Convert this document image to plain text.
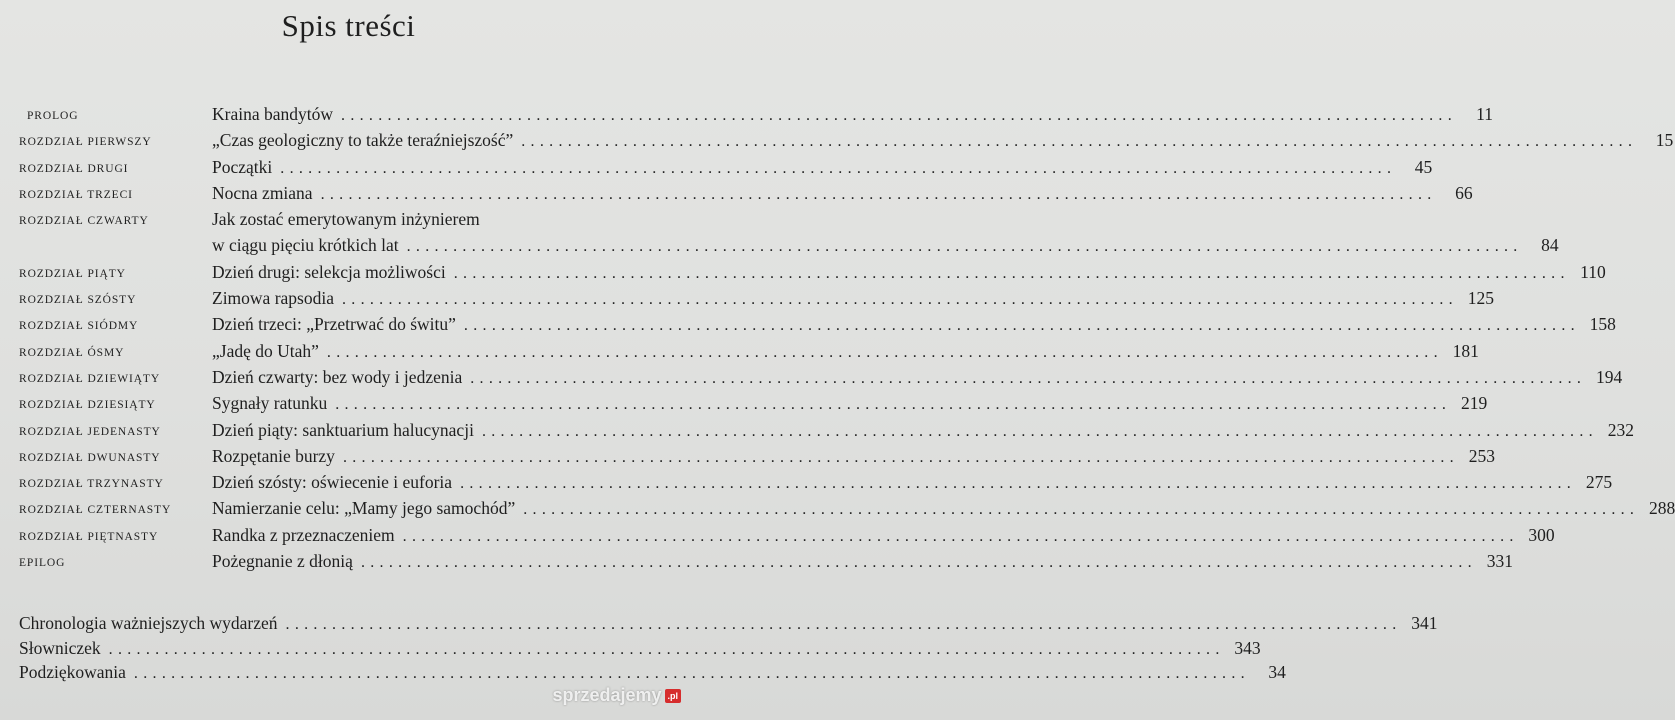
Spis treści
PROLOG	Kraina bandytów ........................................................................................................................	11
ROZDZIAŁ PIERWSZY	„Czas geologiczny to także teraźniejszość” ........................................................................................................................	15
ROZDZIAŁ DRUGI	Początki ........................................................................................................................	45
ROZDZIAŁ TRZECI	Nocna zmiana ........................................................................................................................	66
ROZDZIAŁ CZWARTY	Jak zostać emerytowanym inżynierem
w ciągu pięciu krótkich lat ........................................................................................................................	84
ROZDZIAŁ PIĄTY	Dzień drugi: selekcja możliwości ........................................................................................................................ 110
ROZDZIAŁ SZÓSTY	Zimowa rapsodia ........................................................................................................................ 125
ROZDZIAŁ SIÓDMY	Dzień trzeci: „Przetrwać do świtu” ........................................................................................................................ 158
ROZDZIAŁ ÓSMY	„Jadę do Utah” ........................................................................................................................ 181
ROZDZIAŁ DZIEWIĄTY	Dzień czwarty: bez wody i jedzenia ........................................................................................................................ 194
ROZDZIAŁ DZIESIĄTY	Sygnały ratunku ........................................................................................................................ 219
ROZDZIAŁ JEDENASTY	Dzień piąty: sanktuarium halucynacji ........................................................................................................................ 232
ROZDZIAŁ DWUNASTY	Rozpętanie burzy ........................................................................................................................ 253
ROZDZIAŁ TRZYNASTY	Dzień szósty: oświecenie i euforia ........................................................................................................................ 275
ROZDZIAŁ CZTERNASTY Namierzanie celu: „Mamy jego samochód” ........................................................................................................................ 288
ROZDZIAŁ PIĘTNASTY	Randka z przeznaczeniem ........................................................................................................................ 300
EPILOG	Pożegnanie z dłonią ........................................................................................................................ 331
Chronologia ważniejszych wydarzeń ........................................................................................................................ 341
Słowniczek ........................................................................................................................ 343
Podziękowania ........................................................................................................................	34
sprzedajemy .pl
